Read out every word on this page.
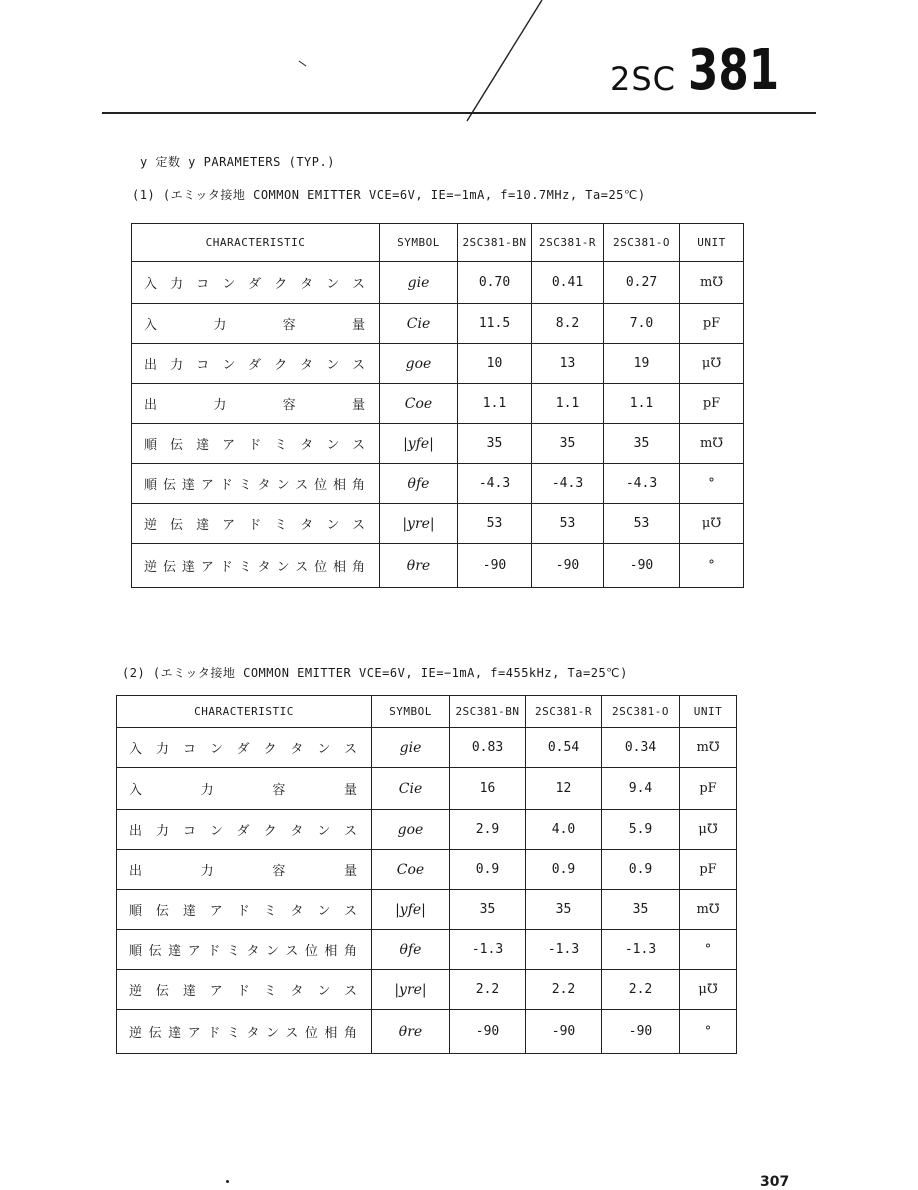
2SC 381
y 定数 y PARAMETERS (TYP.)
(1) (エミッタ接地 COMMON EMITTER VCE=6V, IE=−1mA, f=10.7MHz, Ta=25℃)
CHARACTERISTIC	SYMBOL	2SC381-BN	2SC381-R	2SC381-O	UNIT
入力コンダクタンス	gie	0.70	0.41	0.27	m℧
入力容量	Cie	11.5	8.2	7.0	pF
出力コンダクタンス	goe	10	13	19	μ℧
出力容量	Coe	1.1	1.1	1.1	pF
順伝達アドミタンス	|yfe|	35	35	35	m℧
順伝達アドミタンス位相角	θfe	-4.3	-4.3	-4.3	°
逆伝達アドミタンス	|yre|	53	53	53	μ℧
逆伝達アドミタンス位相角	θre	-90	-90	-90	°
(2) (エミッタ接地 COMMON EMITTER VCE=6V, IE=−1mA, f=455kHz, Ta=25℃)
CHARACTERISTIC	SYMBOL	2SC381-BN	2SC381-R	2SC381-O	UNIT
入力コンダクタンス	gie	0.83	0.54	0.34	m℧
入力容量	Cie	16	12	9.4	pF
出力コンダクタンス	goe	2.9	4.0	5.9	μ℧
出力容量	Coe	0.9	0.9	0.9	pF
順伝達アドミタンス	|yfe|	35	35	35	m℧
順伝達アドミタンス位相角	θfe	-1.3	-1.3	-1.3	°
逆伝達アドミタンス	|yre|	2.2	2.2	2.2	μ℧
逆伝達アドミタンス位相角	θre	-90	-90	-90	°
307
